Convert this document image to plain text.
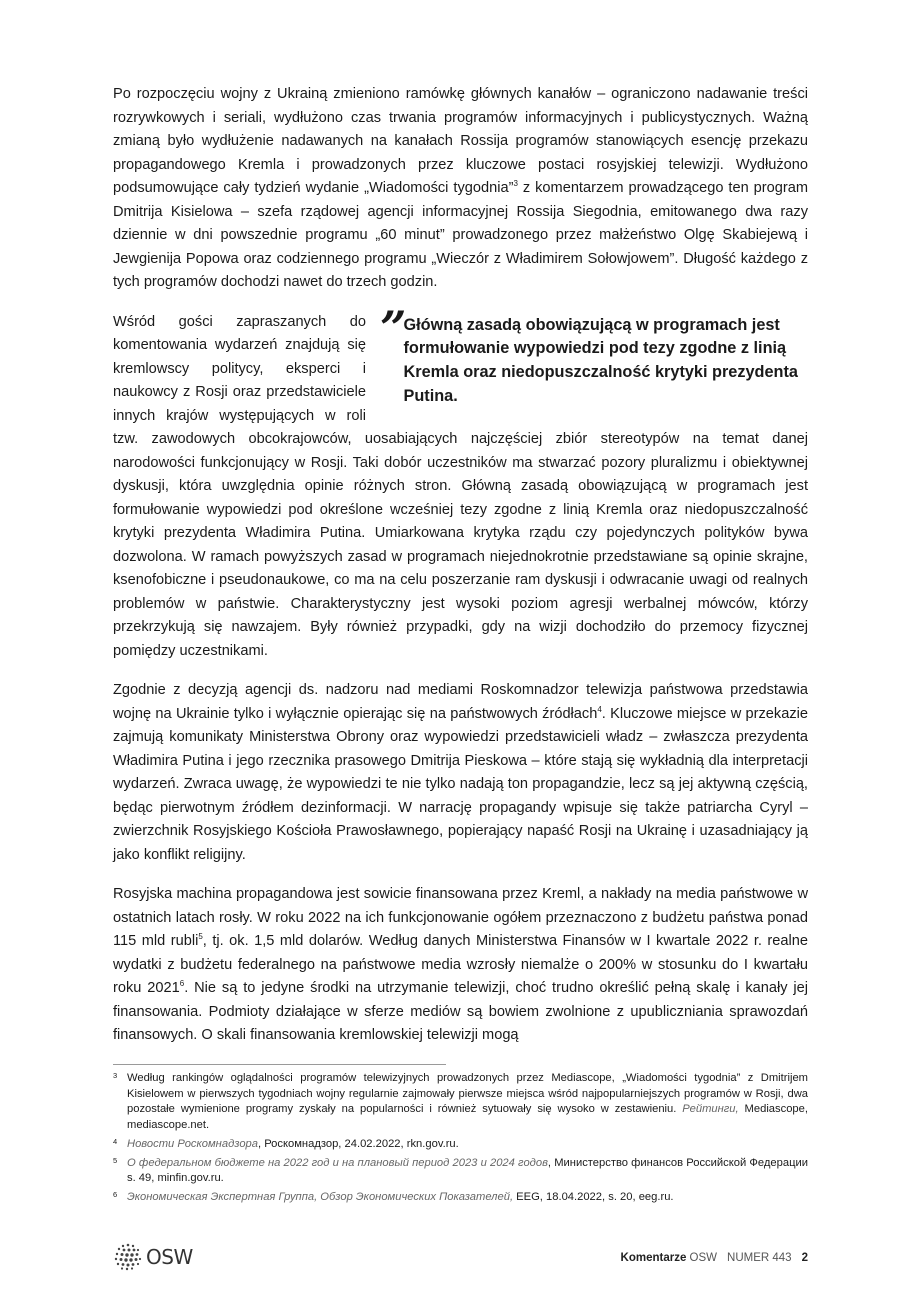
Po rozpoczęciu wojny z Ukrainą zmieniono ramówkę głównych kanałów – ograniczono nadawanie treści rozrywkowych i seriali, wydłużono czas trwania programów informacyjnych i publicystycznych. Ważną zmianą było wydłużenie nadawanych na kanałach Rossija programów stanowiących esencję przekazu propagandowego Kremla i prowadzonych przez kluczowe postaci rosyjskiej telewizji. Wydłużono podsumowujące cały tydzień wydanie „Wiadomości tygodnia”$^3$ z komentarzem prowadzącego ten program Dmitrija Kisielowa – szefa rządowej agencji informacyjnej Rossija Siegodnia, emitowanego dwa razy dziennie w dni powszednie programu „60 minut” prowadzonego przez małżeństwo Olgę Skabiejewą i Jewgienija Popowa oraz codziennego programu „Wieczór z Władimirem Sołowjowem”. Długość każdego z tych programów dochodzi nawet do trzech godzin.

” Główną zasadą obowiązującą w programach jest formułowanie wypowiedzi pod tezy zgodne z linią Kremla oraz niedopuszczalność krytyki prezydenta Putina.

Wśród gości zapraszanych do komentowania wydarzeń znajdują się kremlowscy politycy, eksperci i naukowcy z Rosji oraz przedstawiciele innych krajów występujących w roli tzw. zawodowych obcokrajowców, uosabiających najczęściej zbiór stereotypów na temat danej narodowości funkcjonujący w Rosji. Taki dobór uczestników ma stwarzać pozory pluralizmu i obiektywnej dyskusji, która uwzględnia opinie różnych stron. Główną zasadą obowiązującą w programach jest formułowanie wypowiedzi pod określone wcześniej tezy zgodne z linią Kremla oraz niedopuszczalność krytyki prezydenta Władimira Putina. Umiarkowana krytyka rządu czy pojedynczych polityków bywa dozwolona. W ramach powyższych zasad w programach niejednokrotnie przedstawiane są opinie skrajne, ksenofobiczne i pseudonaukowe, co ma na celu poszerzanie ram dyskusji i odwracanie uwagi od realnych problemów w państwie. Charakterystyczny jest wysoki poziom agresji werbalnej mówców, którzy przekrzykują się nawzajem. Były również przypadki, gdy na wizji dochodziło do przemocy fizycznej pomiędzy uczestnikami.

Zgodnie z decyzją agencji ds. nadzoru nad mediami Roskomnadzor telewizja państwowa przedstawia wojnę na Ukrainie tylko i wyłącznie opierając się na państwowych źródłach$^4$. Kluczowe miejsce w przekazie zajmują komunikaty Ministerstwa Obrony oraz wypowiedzi przedstawicieli władz – zwłaszcza prezydenta Władimira Putina i jego rzecznika prasowego Dmitrija Pieskowa – które stają się wykładnią dla interpretacji wydarzeń. Zwraca uwagę, że wypowiedzi te nie tylko nadają ton propagandzie, lecz są jej aktywną częścią, będąc pierwotnym źródłem dezinformacji. W narrację propagandy wpisuje się także patriarcha Cyryl – zwierzchnik Rosyjskiego Kościoła Prawosławnego, popierający napaść Rosji na Ukrainę i uzasadniający ją jako konflikt religijny.

Rosyjska machina propagandowa jest sowicie finansowana przez Kreml, a nakłady na media państwowe w ostatnich latach rosły. W roku 2022 na ich funkcjonowanie ogółem przeznaczono z budżetu państwa ponad 115 mld rubli$^5$, tj. ok. 1,5 mld dolarów. Według danych Ministerstwa Finansów w I kwartale 2022 r. realne wydatki z budżetu federalnego na państwowe media wzrosły niemalże o 200% w stosunku do I kwartału roku 2021$^6$. Nie są to jedyne środki na utrzymanie telewizji, choć trudno określić pełną skalę i kanały jej finansowania. Podmioty działające w sferze mediów są bowiem zwolnione z upubliczniania sprawozdań finansowych. O skali finansowania kremlowskiej telewizji mogą

3 Według rankingów oglądalności programów telewizyjnych prowadzonych przez Mediascope, „Wiadomości tygodnia” z Dmitrijem Kisielowem w pierwszych tygodniach wojny regularnie zajmowały pierwsze miejsca wśród najpopularniejszych programów w Rosji, dwa pozostałe wymienione programy zyskały na popularności i również sytuowały się wysoko w zestawieniu. Рейтинги, Mediascope, mediascope.net.

4 Новости Роскомнадзора, Роскомнадзор, 24.02.2022, rkn.gov.ru.

5 О федеральном бюджете на 2022 год и на плановый период 2023 и 2024 годов, Министерство финансов Российской Федерации s. 49, minfin.gov.ru.

6 Экономическая Экспертная Группа, Обзор Экономических Показателей, EEG, 18.04.2022, s. 20, eeg.ru.

OSW	Komentarze OSW NUMER 443 2
